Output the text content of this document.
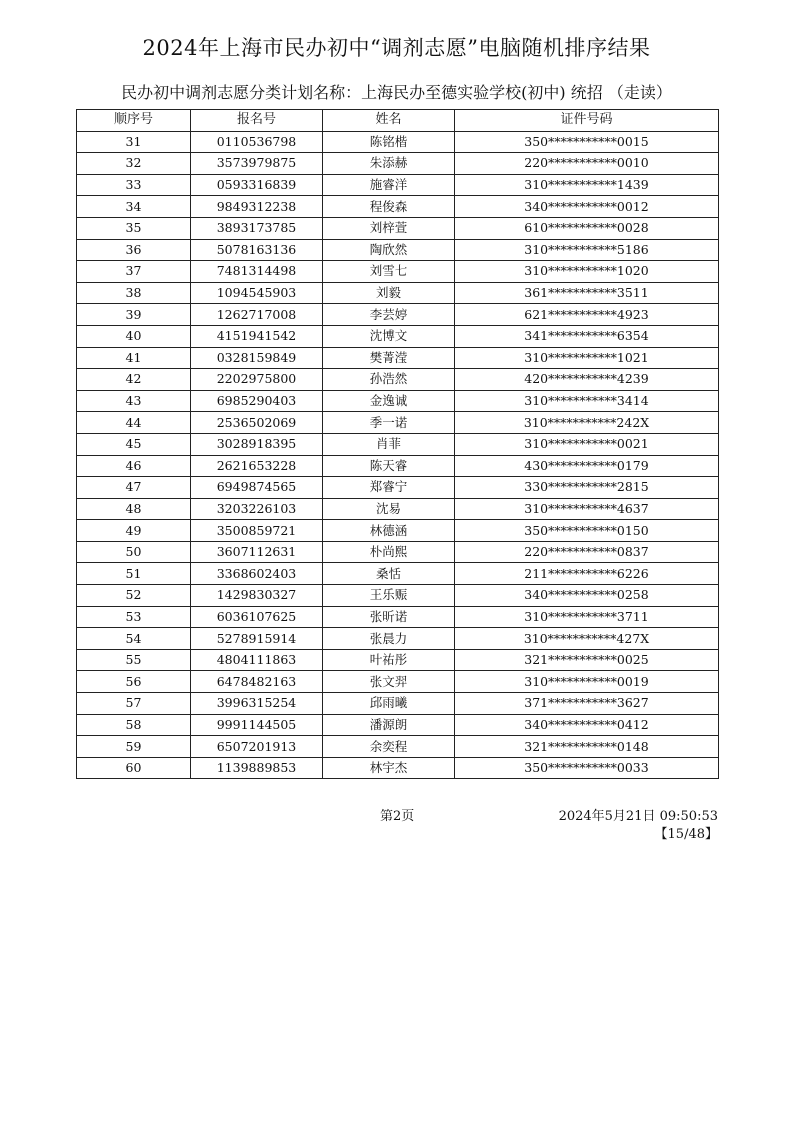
2024年上海市民办初中“调剂志愿”电脑随机排序结果
民办初中调剂志愿分类计划名称：上海民办至德实验学校(初中) 统招 （走读）
顺序号	报名号	姓名	证件号码
31	0110536798	陈铭楷	350***********0015
32	3573979875	朱添赫	220***********0010
33	0593316839	施睿洋	310***********1439
34	9849312238	程俊森	340***********0012
35	3893173785	刘梓萱	610***********0028
36	5078163136	陶欣然	310***********5186
37	7481314498	刘雪七	310***********1020
38	1094545903	刘毅	361***********3511
39	1262717008	李芸婷	621***********4923
40	4151941542	沈博文	341***********6354
41	0328159849	樊菁滢	310***********1021
42	2202975800	孙浩然	420***********4239
43	6985290403	金逸诚	310***********3414
44	2536502069	季一诺	310***********242X
45	3028918395	肖菲	310***********0021
46	2621653228	陈天睿	430***********0179
47	6949874565	郑睿宁	330***********2815
48	3203226103	沈易	310***********4637
49	3500859721	林德涵	350***********0150
50	3607112631	朴尚熙	220***********0837
51	3368602403	桑恬	211***********6226
52	1429830327	王乐赈	340***********0258
53	6036107625	张昕诺	310***********3711
54	5278915914	张晨力	310***********427X
55	4804111863	叶祐彤	321***********0025
56	6478482163	张文羿	310***********0019
57	3996315254	邱雨曦	371***********3627
58	9991144505	潘源朗	340***********0412
59	6507201913	余奕程	321***********0148
60	1139889853	林宇杰	350***********0033
第2页	2024年5月21日 09:50:53
【15/48】
